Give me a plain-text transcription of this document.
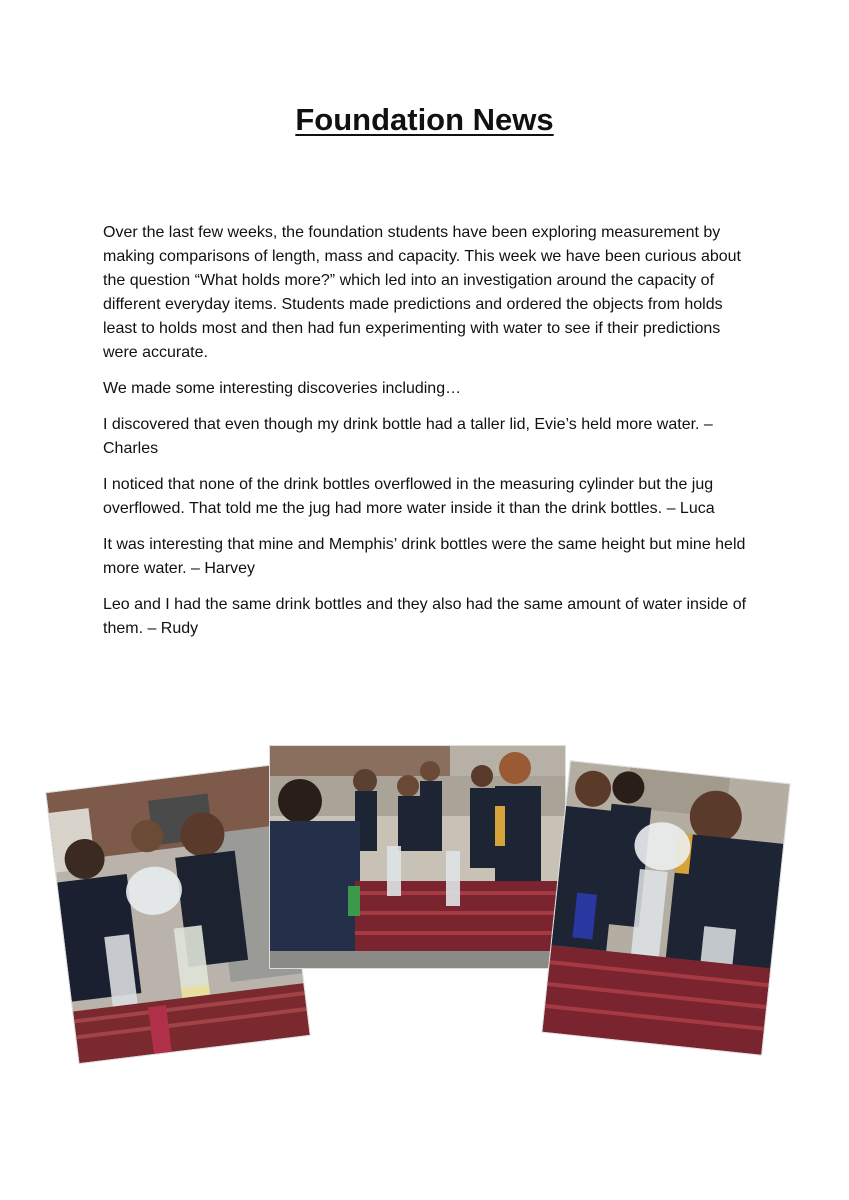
Foundation News

Over the last few weeks, the foundation students have been exploring measurement by making comparisons of length, mass and capacity. This week we have been curious about the question “What holds more?” which led into an investigation around the capacity of different everyday items. Students made predictions and ordered the objects from holds least to holds most and then had fun experimenting with water to see if their predictions were accurate.

We made some interesting discoveries including…

I discovered that even though my drink bottle had a taller lid, Evie’s held more water. – Charles

I noticed that none of the drink bottles overflowed in the measuring cylinder but the jug overflowed. That told me the jug had more water inside it than the drink bottles. – Luca

It was interesting that mine and Memphis’ drink bottles were the same height but mine held more water. – Harvey

Leo and I had the same drink bottles and they also had the same amount of water inside of them. – Rudy
